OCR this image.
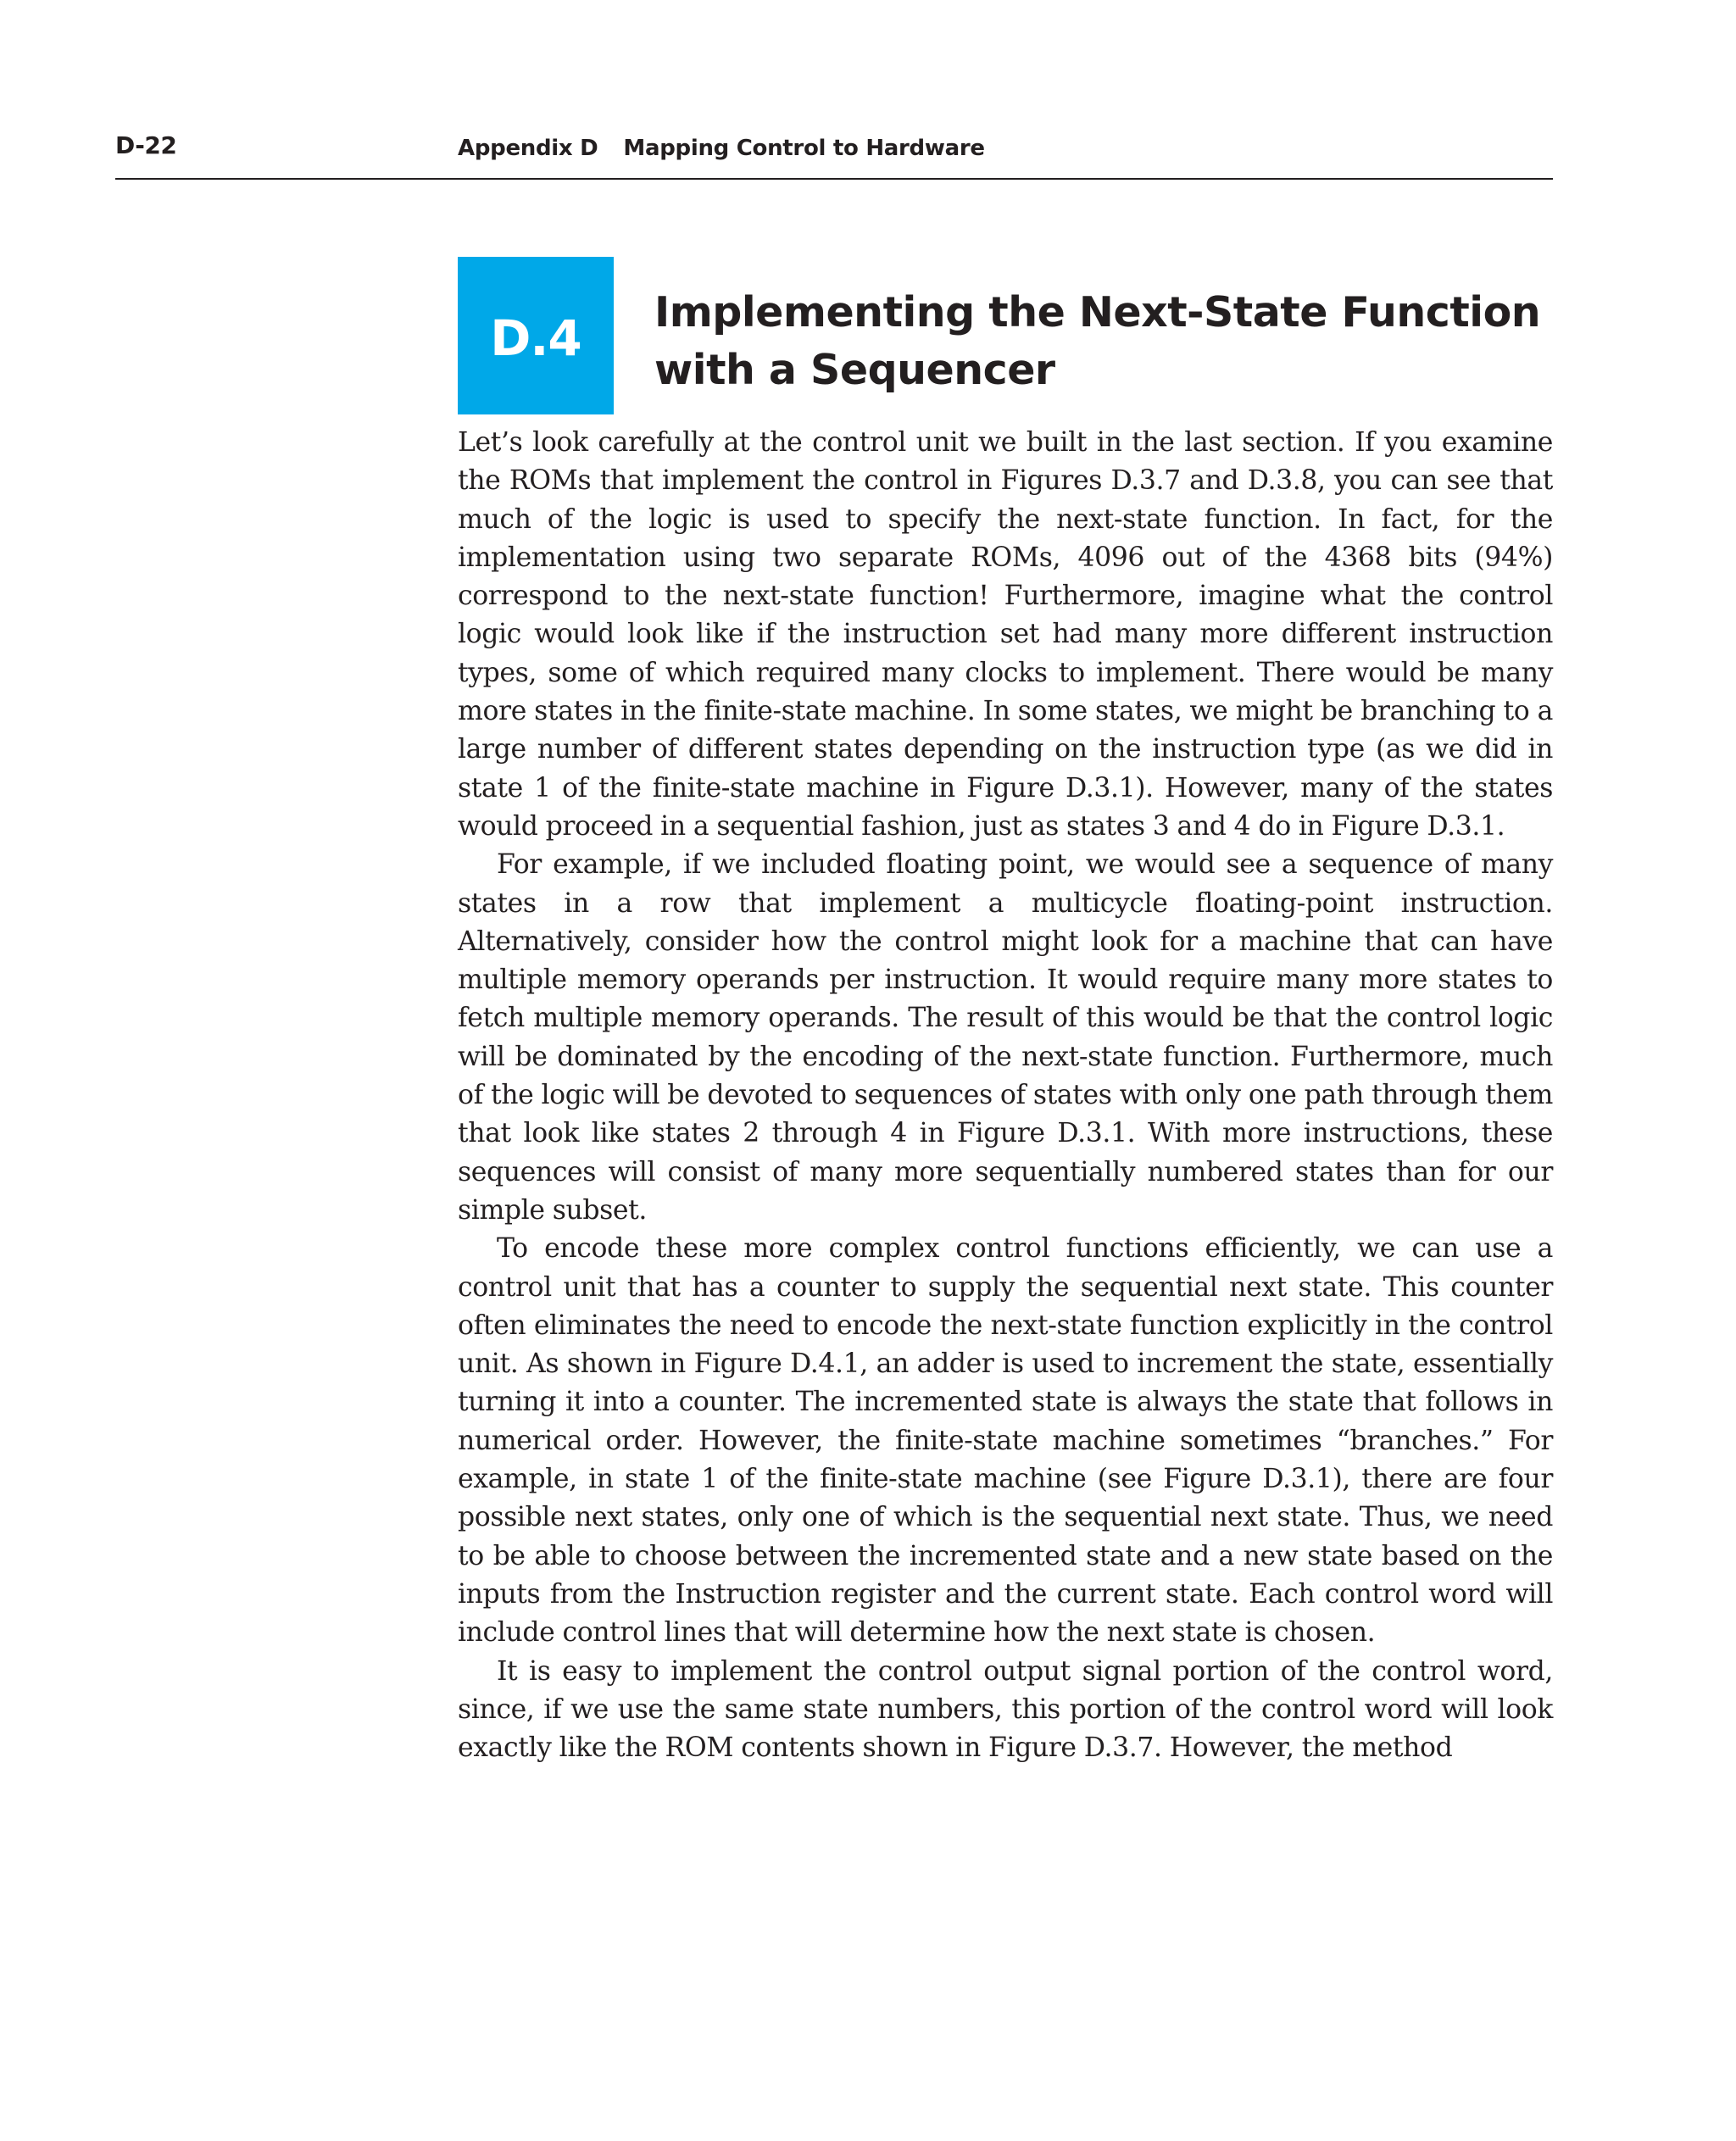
D-22	Appendix D Mapping Control to Hardware
D.4	Implementing the Next-State Function
with a Sequencer

Let’s look carefully at the control unit we built in the last section. If you examine the ROMs that implement the control in Figures D.3.7 and D.3.8, you can see that much of the logic is used to specify the next-state function. In fact, for the implementation using two separate ROMs, 4096 out of the 4368 bits (94%) correspond to the next-state function! Furthermore, imagine what the control logic would look like if the instruction set had many more different instruction types, some of which required many clocks to implement. There would be many more states in the finite-state machine. In some states, we might be branching to a large number of different states depending on the instruction type (as we did in state 1 of the finite-state machine in Figure D.3.1). However, many of the states would proceed in a sequential fashion, just as states 3 and 4 do in Figure D.3.1.

For example, if we included floating point, we would see a sequence of many states in a row that implement a multicycle floating-point instruction. Alternatively, consider how the control might look for a machine that can have multiple memory operands per instruction. It would require many more states to fetch multiple memory operands. The result of this would be that the control logic will be dominated by the encoding of the next-state function. Furthermore, much of the logic will be devoted to sequences of states with only one path through them that look like states 2 through 4 in Figure D.3.1. With more instructions, these sequences will consist of many more sequentially numbered states than for our simple subset.

To encode these more complex control functions efficiently, we can use a control unit that has a counter to supply the sequential next state. This counter often eliminates the need to encode the next-state function explicitly in the control unit. As shown in Figure D.4.1, an adder is used to increment the state, essentially turning it into a counter. The incremented state is always the state that follows in numerical order. However, the finite-state machine sometimes “branches.” For example, in state 1 of the finite-state machine (see Figure D.3.1), there are four possible next states, only one of which is the sequential next state. Thus, we need to be able to choose between the incremented state and a new state based on the inputs from the Instruction register and the current state. Each control word will include control lines that will determine how the next state is chosen.

It is easy to implement the control output signal portion of the control word, since, if we use the same state numbers, this portion of the control word will look exactly like the ROM contents shown in Figure D.3.7. However, the method
